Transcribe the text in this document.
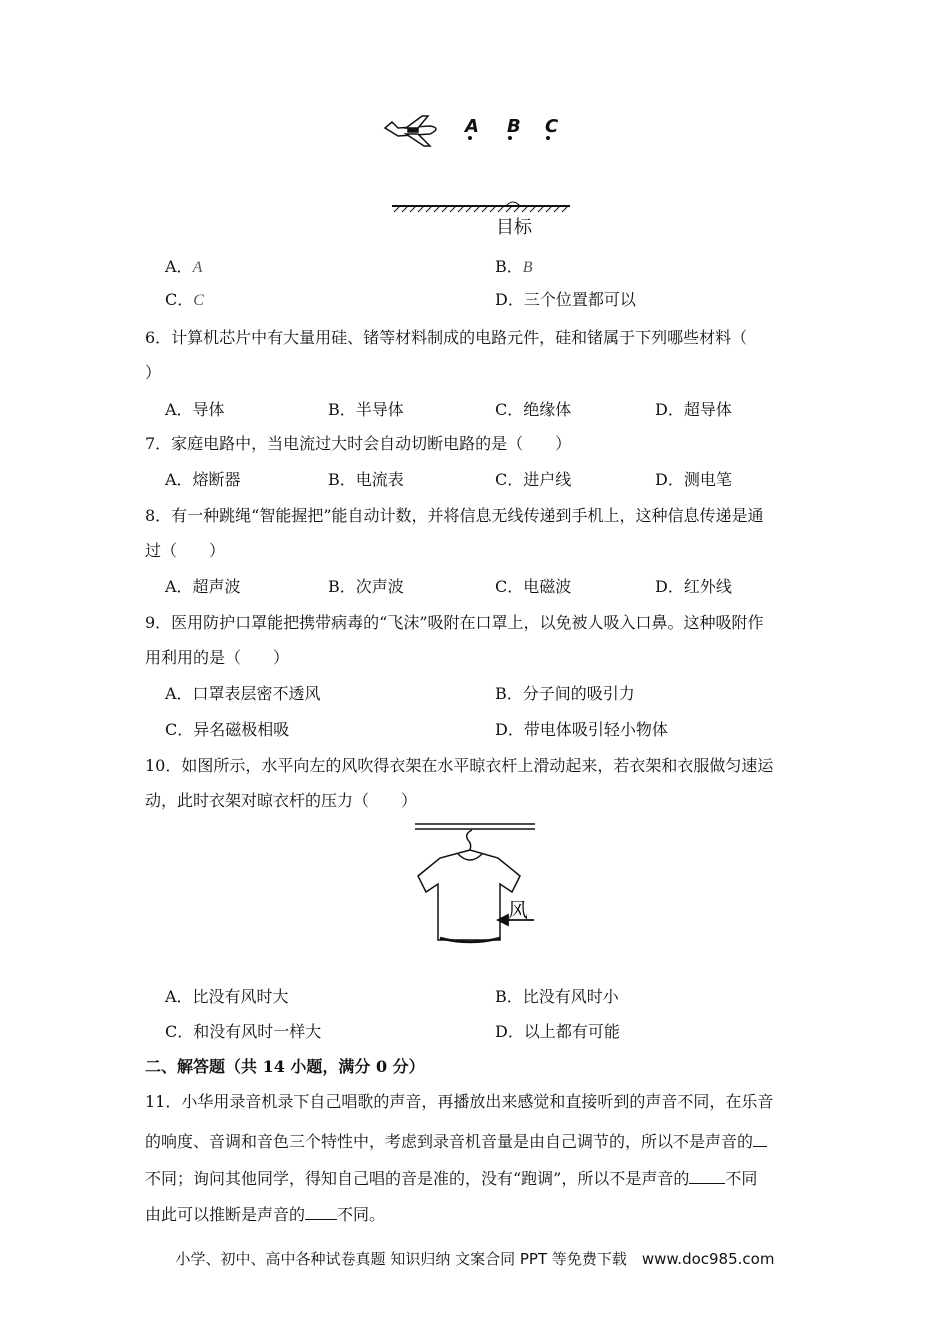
A B C
目标
A．A	B．B
C．C	D．三个位置都可以
6．计算机芯片中有大量用硅、锗等材料制成的电路元件，硅和锗属于下列哪些材料（
）
A．导体	B．半导体	C．绝缘体	D．超导体
7．家庭电路中，当电流过大时会自动切断电路的是（　　）
A．熔断器	B．电流表	C．进户线	D．测电笔
8．有一种跳绳“智能握把”能自动计数，并将信息无线传递到手机上，这种信息传递是通
过（　　）
A．超声波	B．次声波	C．电磁波	D．红外线
9．医用防护口罩能把携带病毒的“飞沫”吸附在口罩上，以免被人吸入口鼻。这种吸附作
用利用的是（　　）
A．口罩表层密不透风	B．分子间的吸引力
C．异名磁极相吸	D．带电体吸引轻小物体
10．如图所示，水平向左的风吹得衣架在水平晾衣杆上滑动起来，若衣架和衣服做匀速运
动，此时衣架对晾衣杆的压力（　　）
风
A．比没有风时大	B．比没有风时小
C．和没有风时一样大	D．以上都有可能
二、解答题（共 14 小题，满分 0 分）
11．小华用录音机录下自己唱歌的声音，再播放出来感觉和直接听到的声音不同，在乐音
的响度、音调和音色三个特性中，考虑到录音机音量是由自己调节的，所以不是声音的
不同；询问其他同学，得知自己唱的音是准的，没有“跑调”，所以不是声音的 不同
由此可以推断是声音的 不同。
小学、初中、高中各种试卷真题 知识归纳 文案合同 PPT 等免费下载　www.doc985.com
